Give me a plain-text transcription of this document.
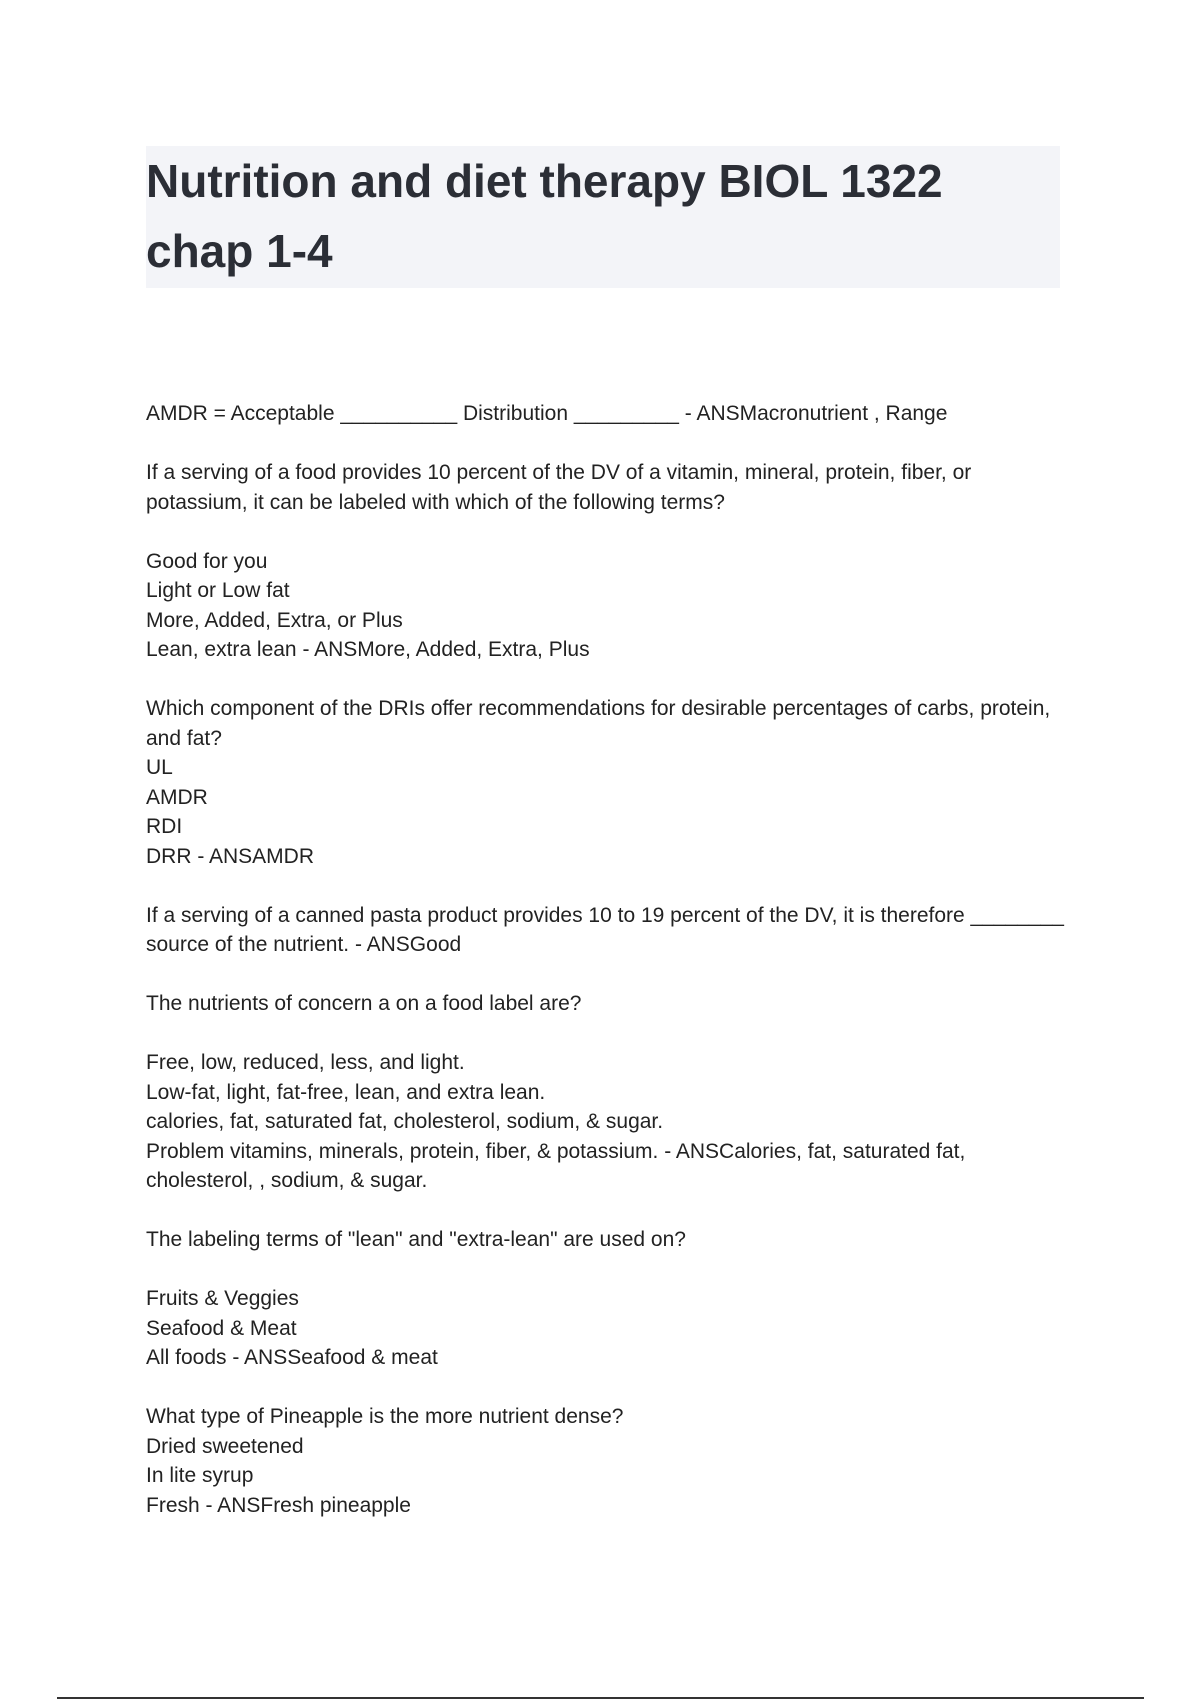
Nutrition and diet therapy BIOL 1322 chap 1-4
AMDR = Acceptable __________ Distribution _________ - ANSMacronutrient , Range
If a serving of a food provides 10 percent of the DV of a vitamin, mineral, protein, fiber, or potassium, it can be labeled with which of the following terms?
Good for you
Light or Low fat
More, Added, Extra, or Plus
Lean, extra lean - ANSMore, Added, Extra, Plus
Which component of the DRIs offer recommendations for desirable percentages of carbs, protein, and fat?
UL
AMDR
RDI
DRR - ANSAMDR
If a serving of a canned pasta product provides 10 to 19 percent of the DV, it is therefore ________ source of the nutrient. - ANSGood
The nutrients of concern a on a food label are?
Free, low, reduced, less, and light.
Low-fat, light, fat-free, lean, and extra lean.
calories, fat, saturated fat, cholesterol, sodium, & sugar.
Problem vitamins, minerals, protein, fiber, & potassium. - ANSCalories, fat, saturated fat, cholesterol, , sodium, & sugar.
The labeling terms of "lean" and "extra-lean" are used on?
Fruits & Veggies
Seafood & Meat
All foods - ANSSeafood & meat
What type of Pineapple is the more nutrient dense?
Dried sweetened
In lite syrup
Fresh - ANSFresh pineapple
